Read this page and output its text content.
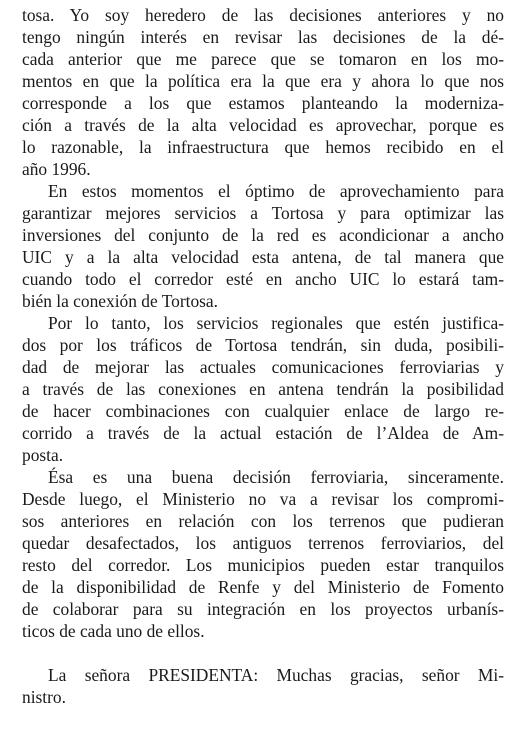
tosa. Yo soy heredero de las decisiones anteriores y no
tengo ningún interés en revisar las decisiones de la dé-
cada anterior que me parece que se tomaron en los mo-
mentos en que la política era la que era y ahora lo que nos
corresponde a los que estamos planteando la moderniza-
ción a través de la alta velocidad es aprovechar, porque es
lo razonable, la infraestructura que hemos recibido en el
año 1996.
En estos momentos el óptimo de aprovechamiento para
garantizar mejores servicios a Tortosa y para optimizar las
inversiones del conjunto de la red es acondicionar a ancho
UIC y a la alta velocidad esta antena, de tal manera que
cuando todo el corredor esté en ancho UIC lo estará tam-
bién la conexión de Tortosa.
Por lo tanto, los servicios regionales que estén justifica-
dos por los tráficos de Tortosa tendrán, sin duda, posibili-
dad de mejorar las actuales comunicaciones ferroviarias y
a través de las conexiones en antena tendrán la posibilidad
de hacer combinaciones con cualquier enlace de largo re-
corrido a través de la actual estación de l’Aldea de Am-
posta.
Ésa es una buena decisión ferroviaria, sinceramente.
Desde luego, el Ministerio no va a revisar los compromi-
sos anteriores en relación con los terrenos que pudieran
quedar desafectados, los antiguos terrenos ferroviarios, del
resto del corredor. Los municipios pueden estar tranquilos
de la disponibilidad de Renfe y del Ministerio de Fomento
de colaborar para su integración en los proyectos urbanís-
ticos de cada uno de ellos.
La señora PRESIDENTA: Muchas gracias, señor Mi-
nistro.
